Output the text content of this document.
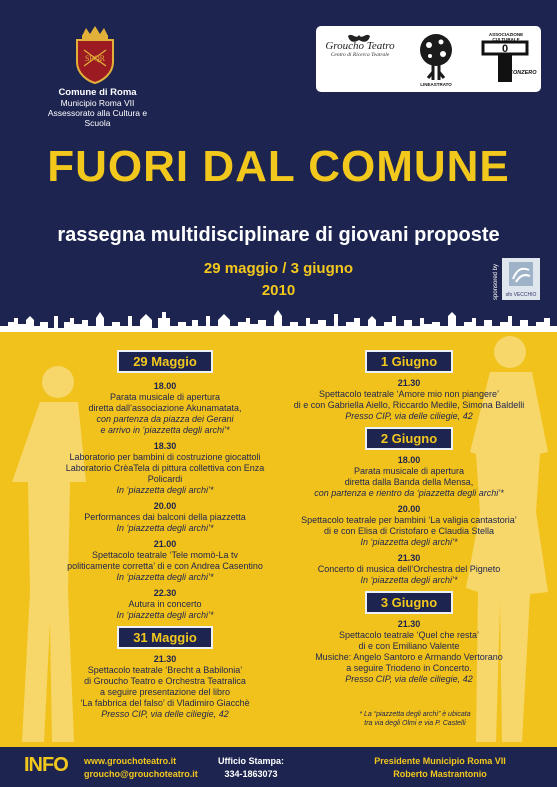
SPQR
Comune di Roma
Municipio Roma VII
Assessorato alla Cultura e Scuola
Groucho Teatro
Centro di Ricerca Teatrale
LINEASTRATO
ASSOCIAZIONE CULTURALE
0
CONZERO
FUORI DAL COMUNE
rassegna multidisciplinare di giovani proposte
29 maggio / 3 giugno
2010	sponsored by	sfo VECCHIO
29 Maggio
18.00
Parata musicale di apertura
diretta dall’associazione Akunamatata,
con partenza da piazza dei Gerani
e arrivo in ‘piazzetta degli archi’*
18.30
Laboratorio per bambini di costruzione giocattoli
Laboratorio CrèaTela di pittura collettiva con Enza Policardi
In ‘piazzetta degli archi’*
20.00
Performances dai balconi della piazzetta
In ‘piazzetta degli archi’*
21.00
Spettacolo teatrale ‘Tele momò-La tv
politicamente corretta’ di e con Andrea Casentino
In ‘piazzetta degli archi’*
22.30
Autura in concerto
In ‘piazzetta degli archi’*
31 Maggio
21.30
Spettacolo teatrale ‘Brecht a Babilonia’
di Groucho Teatro e Orchestra Teatralica
a seguire presentazione del libro
‘La fabbrica del falso’ di Vladimiro Giacchè
Presso CIP, via delle ciliegie, 42
1 Giugno
21.30
Spettacolo teatrale ‘Amore mio non piangere’
di e con Gabriella Aiello, Riccardo Medile, Simona Baldelli
Presso CIP, via delle ciliegie, 42
2 Giugno
18.00
Parata musicale di apertura
diretta dalla Banda della Mensa,
con partenza e rientro da ‘piazzetta degli archi’*
20.00
Spettacolo teatrale per bambini ‘La valigia cantastoria’
di e con Elisa di Cristofaro e Claudia Stella
In ‘piazzetta degli archi’*
21.30
Concerto di musica dell’Orchestra del Pigneto
In ‘piazzetta degli archi’*
3 Giugno
21.30
Spettacolo teatrale ‘Quel che resta’
di e con Emiliano Valente
Musiche: Angelo Santoro e Armando Vertorano
a seguire Triodeno in Concerto.
Presso CIP, via delle ciliegie, 42
* La “piazzetta degli archi” è ubicata
tra via degli Olmi e via P. Castelli
INFO www.grouchoteatro.it
groucho@grouchoteatro.it
Ufficio Stampa:
334-1863073
Presidente Municipio Roma VII
Roberto Mastrantonio
